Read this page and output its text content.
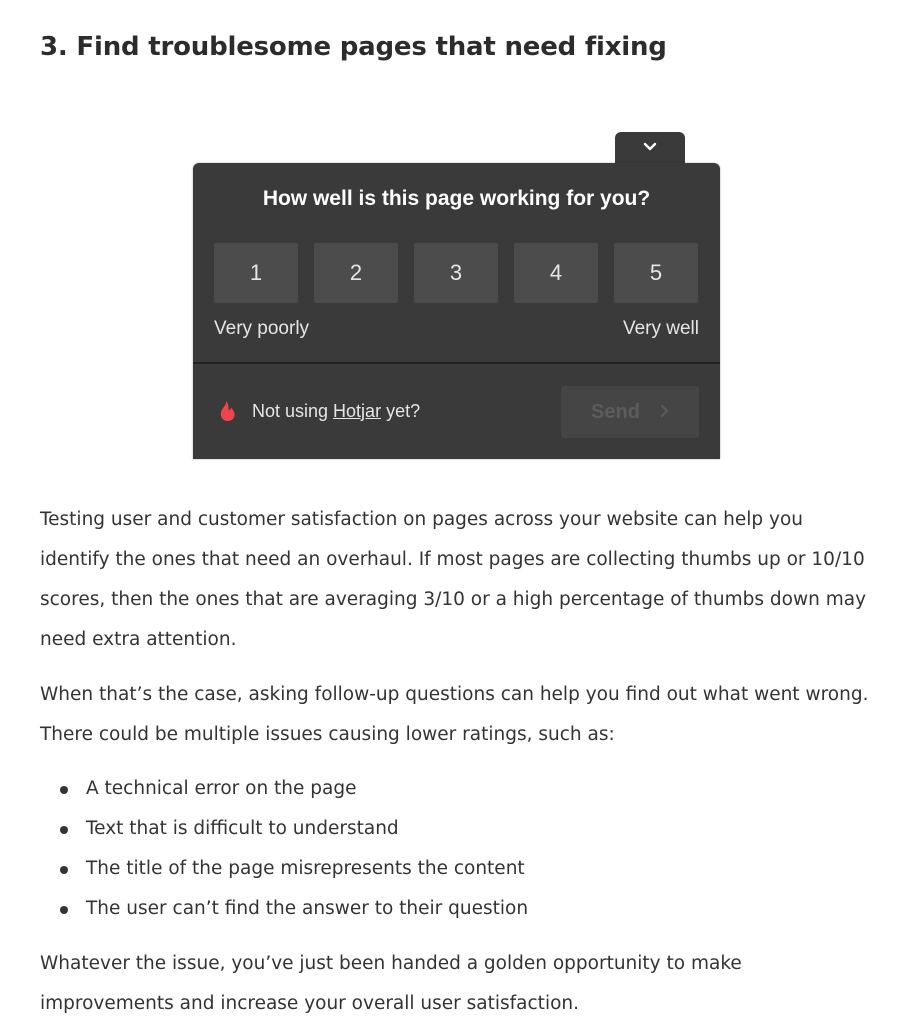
3. Find troublesome pages that need fixing
How well is this page working for you?
1	2	3	4	5
Very poorly	Very well
Not using Hotjar yet?	Send

Testing user and customer satisfaction on pages across your website can help you
identify the ones that need an overhaul. If most pages are collecting thumbs up or 10/10
scores, then the ones that are averaging 3/10 or a high percentage of thumbs down may
need extra attention.

When that’s the case, asking follow-up questions can help you find out what went wrong.
There could be multiple issues causing lower ratings, such as:

A technical error on the page
Text that is difficult to understand
The title of the page misrepresents the content
The user can’t find the answer to their question

Whatever the issue, you’ve just been handed a golden opportunity to make
improvements and increase your overall user satisfaction.
